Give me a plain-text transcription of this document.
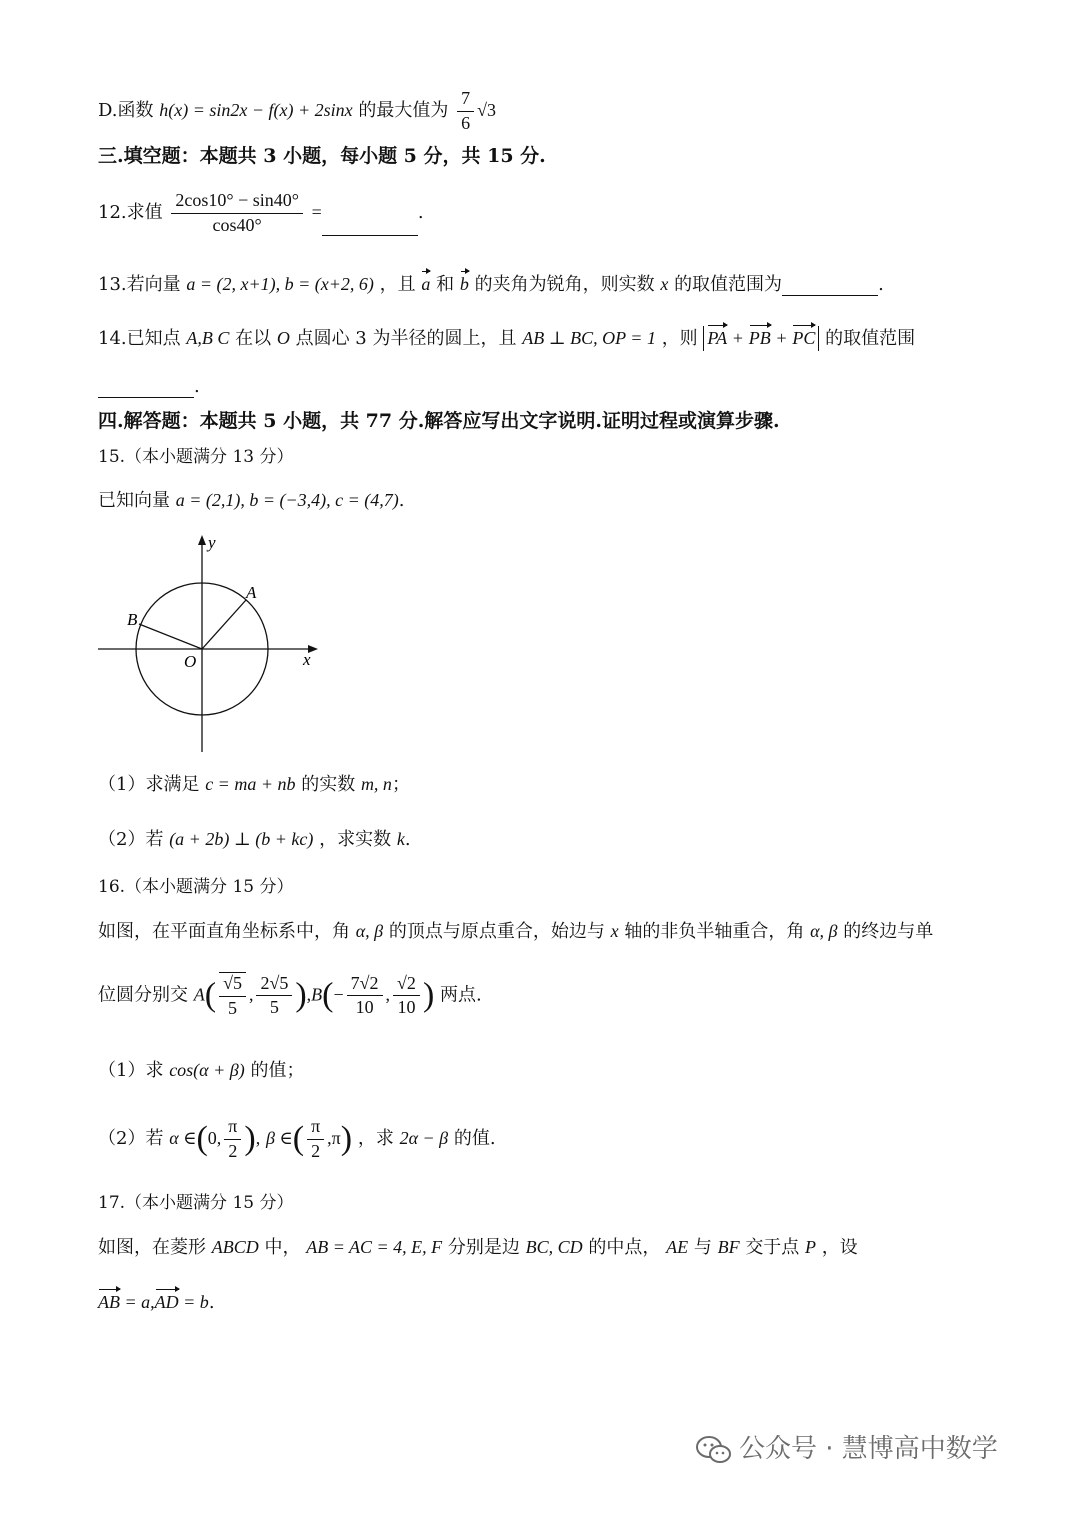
D.函数 h(x) = sin2x − f(x) + 2sinx 的最大值为 $\frac{7}{6} √3$
三.填空题：本题共 3 小题，每小题 5 分，共 15 分.
12.求值 $\frac{2\cos 10^\circ - \sin 40^\circ}{\cos 40^\circ}$ =	.
13.若向量 a = (2, x+1), b = (x+2, 6) ，且 a 和 b 的夹角为锐角，则实数 x 的取值范围为	.
14.已知点 A,B C 在以 O 点圆心 3 为半径的圆上，且 AB ⊥ BC, OP = 1 ，则 PA + PB + PC 的取值范围
.
四.解答题：本题共 5 小题，共 77 分.解答应写出文字说明.证明过程或演算步骤.
15.（本小题满分 13 分）
已知向量 a = (2,1), b = (−3,4), c = (4,7).
y
x
O
A
B
（1）求满足 c = ma + nb 的实数 m, n；
（2）若 (a + 2b) ⊥ (b + kc) ，求实数 k.
16.（本小题满分 15 分）
如图，在平面直角坐标系中，角 α, β 的顶点与原点重合，始边与 x 轴的非负半轴重合，角 α, β 的终边与单
位圆分别交 $A( \frac{√5}{5}$ , $\frac{2√5}{5} ),B(- \frac{7√2}{10}$ , $\frac{√2}{10}$ ) 两点.
（1）求 cos(α + β) 的值；
（2）若 α ∈(0, $\frac{\pi}{2}$ ), β ∈( $\frac{\pi}{2} ,\pi$) ，求 2α − β 的值.
17.（本小题满分 15 分）
如图，在菱形 ABCD 中， AB = AC = 4, E, F 分别是边 BC, CD 的中点， AE 与 BF 交于点 P ，设
AB = a,AD = b.
公众号 · 慧博高中数学
